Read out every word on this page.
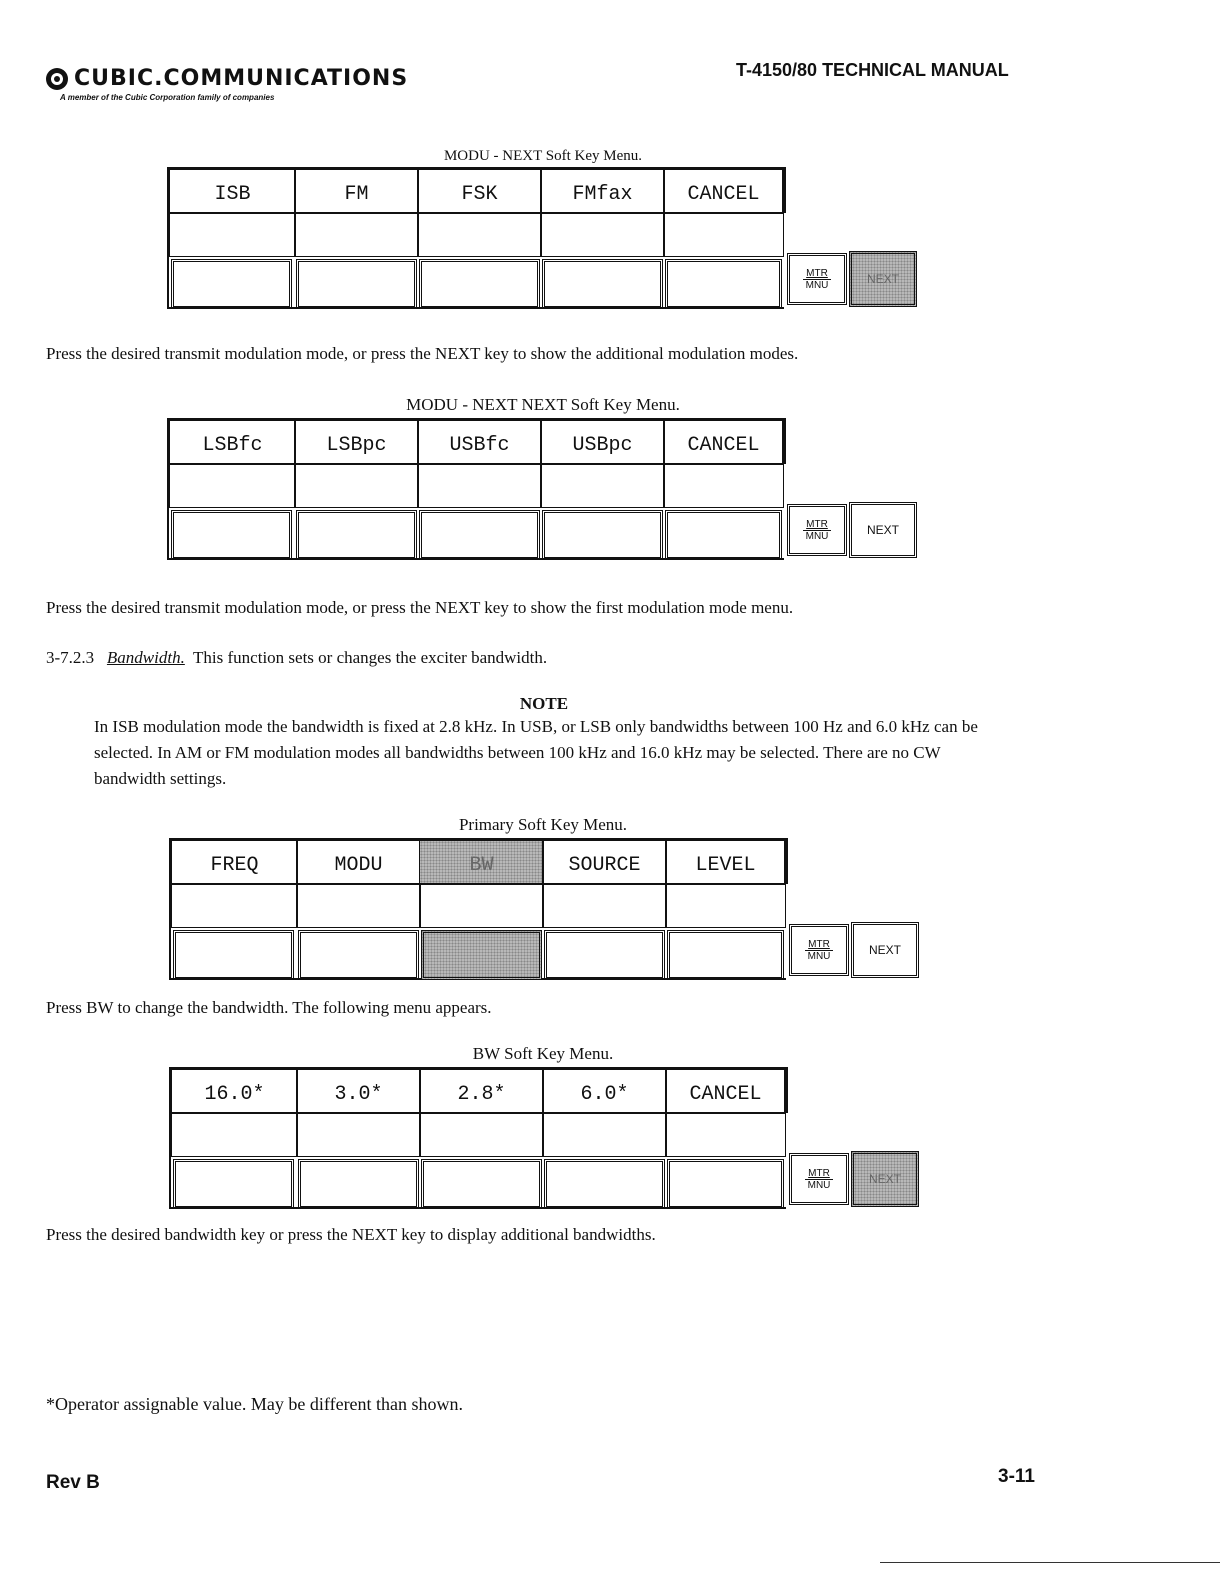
CUBIC.COMMUNICATIONS
A member of the Cubic Corporation family of companies
T-4150/80 TECHNICAL MANUAL
MODU - NEXT Soft Key Menu.
ISB	FM	FSK	FMfax	CANCEL
MTR
MNU	NEXT
Press the desired transmit modulation mode, or press the NEXT key to show the additional modulation modes.
MODU - NEXT NEXT Soft Key Menu.
LSBfc	LSBpc	USBfc	USBpc	CANCEL
MTR
MNU	NEXT
Press the desired transmit modulation mode, or press the NEXT key to show the first modulation mode menu.
3-7.2.3 Bandwidth. This function sets or changes the exciter bandwidth.
NOTE
In ISB modulation mode the bandwidth is fixed at 2.8 kHz. In USB, or LSB only bandwidths between 100 Hz and 6.0 kHz can be selected. In AM or FM modulation modes all bandwidths between 100 kHz and 16.0 kHz may be selected. There are no CW bandwidth settings.
Primary Soft Key Menu.
FREQ	MODU	BW	SOURCE	LEVEL
MTR
MNU	NEXT
Press BW to change the bandwidth. The following menu appears.
BW Soft Key Menu.
16.0*	3.0*	2.8*	6.0*	CANCEL
MTR
MNU	NEXT
Press the desired bandwidth key or press the NEXT key to display additional bandwidths.
*Operator assignable value. May be different than shown.
Rev B	3-11
